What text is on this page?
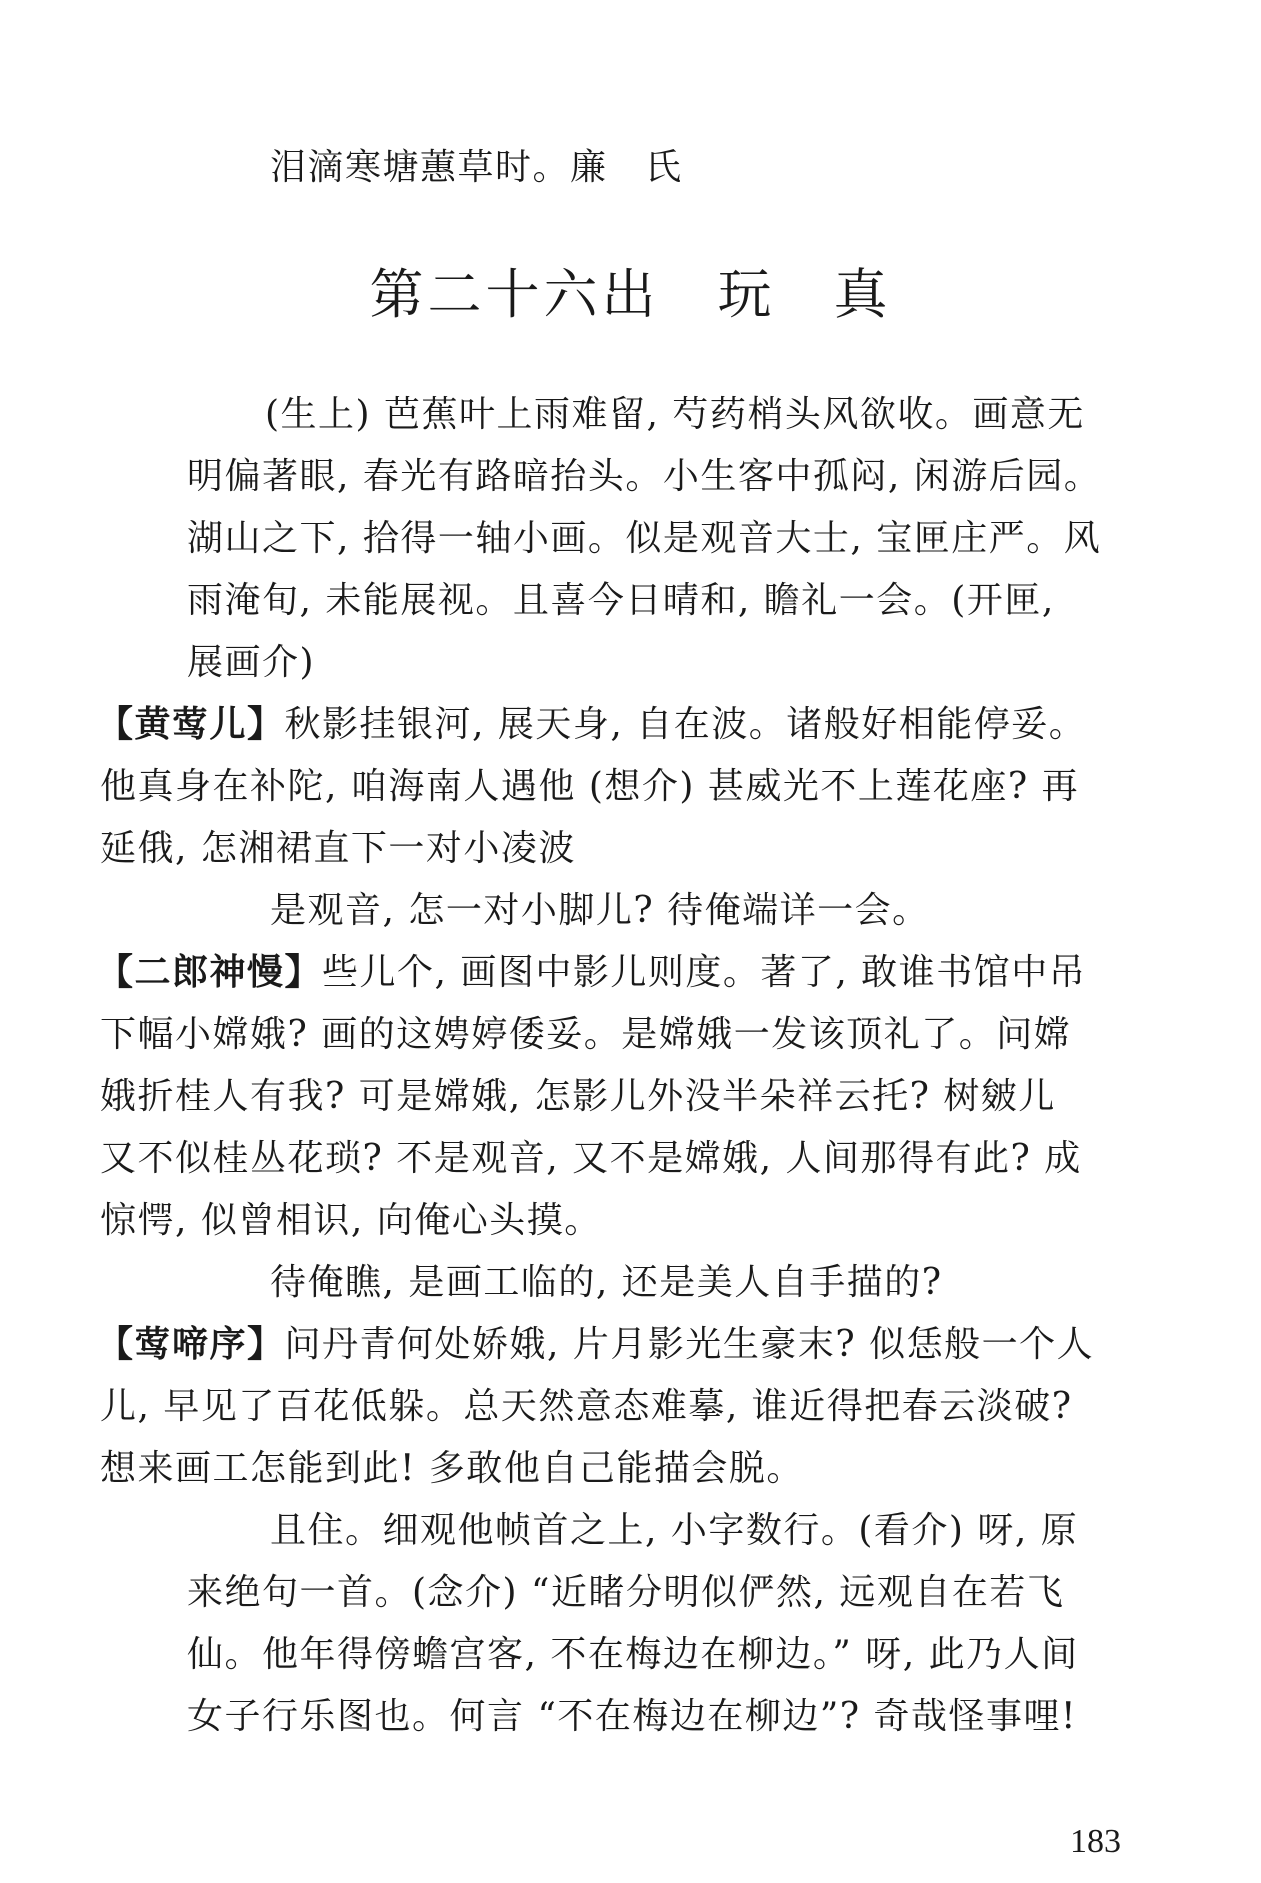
泪滴寒塘蕙草时。廉　氏
第二十六出　玩　真
(生上) 芭蕉叶上雨难留, 芍药梢头风欲收。画意无
明偏著眼, 春光有路暗抬头。小生客中孤闷, 闲游后园。
湖山之下, 拾得一轴小画。似是观音大士, 宝匣庄严。风
雨淹旬, 未能展视。且喜今日晴和, 瞻礼一会。(开匣,
展画介)
【黄莺儿】秋影挂银河, 展天身, 自在波。诸般好相能停妥。
他真身在补陀, 咱海南人遇他 (想介) 甚威光不上莲花座? 再
延俄, 怎湘裙直下一对小凌波
是观音, 怎一对小脚儿? 待俺端详一会。
【二郎神慢】些儿个, 画图中影儿则度。著了, 敢谁书馆中吊
下幅小嫦娥? 画的这娉婷倭妥。是嫦娥一发该顶礼了。问嫦
娥折桂人有我? 可是嫦娥, 怎影儿外没半朵祥云托? 树皴儿
又不似桂丛花琐? 不是观音, 又不是嫦娥, 人间那得有此? 成
惊愕, 似曾相识, 向俺心头摸。
待俺瞧, 是画工临的, 还是美人自手描的?
【莺啼序】问丹青何处娇娥, 片月影光生豪末? 似恁般一个人
儿, 早见了百花低躲。总天然意态难摹, 谁近得把春云淡破?
想来画工怎能到此! 多敢他自己能描会脱。
且住。细观他帧首之上, 小字数行。(看介) 呀, 原
来绝句一首。(念介) “近睹分明似俨然, 远观自在若飞
仙。他年得傍蟾宫客, 不在梅边在柳边。” 呀, 此乃人间
女子行乐图也。何言 “不在梅边在柳边”? 奇哉怪事哩!
183
